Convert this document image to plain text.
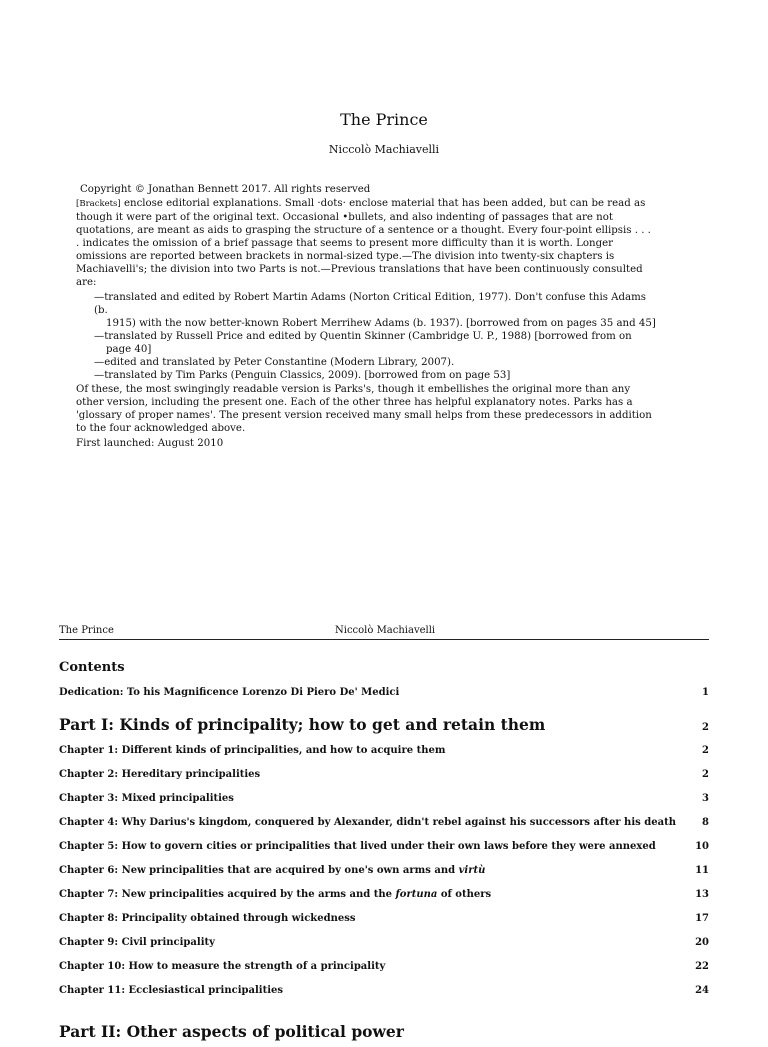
The Prince
Niccolò Machiavelli

Copyright © Jonathan Bennett 2017. All rights reserved

[Brackets] enclose editorial explanations. Small ·dots· enclose material that has been added, but can be read as though it were part of the original text. Occasional •bullets, and also indenting of passages that are not quotations, are meant as aids to grasping the structure of a sentence or a thought. Every four-point ellipsis . . . . indicates the omission of a brief passage that seems to present more difficulty than it is worth. Longer omissions are reported between brackets in normal-sized type.—The division into twenty-six chapters is Machiavelli's; the division into two Parts is not.—Previous translations that have been continuously consulted are:

—translated and edited by Robert Martin Adams (Norton Critical Edition, 1977). Don't confuse this Adams (b.
1915) with the now better-known Robert Merrihew Adams (b. 1937). [borrowed from on pages 35 and 45]
—translated by Russell Price and edited by Quentin Skinner (Cambridge U. P., 1988) [borrowed from on
page 40]
—edited and translated by Peter Constantine (Modern Library, 2007).
—translated by Tim Parks (Penguin Classics, 2009). [borrowed from on page 53]

Of these, the most swingingly readable version is Parks's, though it embellishes the original more than any other version, including the present one. Each of the other three has helpful explanatory notes. Parks has a 'glossary of proper names'. The present version received many small helps from these predecessors in addition to the four acknowledged above.

First launched: August 2010

The Prince	Niccolò Machiavelli
Contents
Dedication: To his Magnificence Lorenzo Di Piero De' Medici	1
Part I: Kinds of principality; how to get and retain them	2
Chapter 1: Different kinds of principalities, and how to acquire them	2
Chapter 2: Hereditary principalities	2
Chapter 3: Mixed principalities	3
Chapter 4: Why Darius's kingdom, conquered by Alexander, didn't rebel against his successors after his death	8
Chapter 5: How to govern cities or principalities that lived under their own laws before they were annexed	10
Chapter 6: New principalities that are acquired by one's own arms and virtù	11
Chapter 7: New principalities acquired by the arms and the fortuna of others	13
Chapter 8: Principality obtained through wickedness	17
Chapter 9: Civil principality	20
Chapter 10: How to measure the strength of a principality	22
Chapter 11: Ecclesiastical principalities	24
Part II: Other aspects of political power
